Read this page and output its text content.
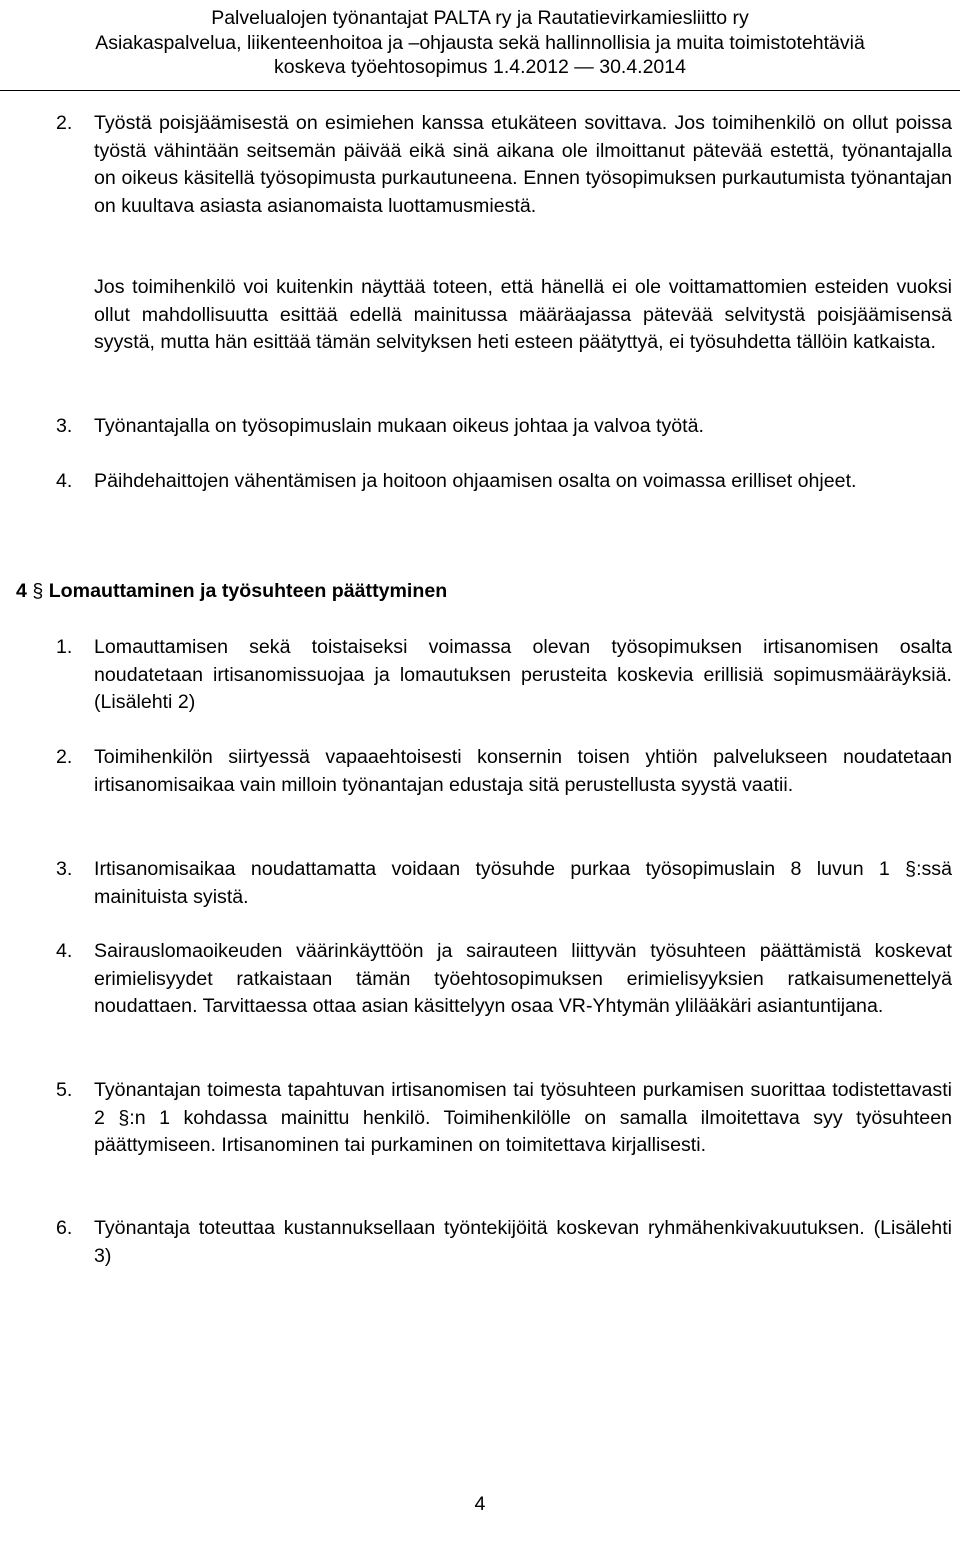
Palvelualojen työnantajat PALTA ry ja Rautatievirkamiesliitto ry
Asiakaspalvelua, liikenteenhoitoa ja –ohjausta sekä hallinnollisia ja muita toimistotehtäviä
koskeva työehtosopimus 1.4.2012 — 30.4.2014
2. Työstä poisjäämisestä on esimiehen kanssa etukäteen sovittava. Jos toimihenkilö on ollut poissa työstä vähintään seitsemän päivää eikä sinä aikana ole ilmoittanut pätevää estettä, työnantajalla on oikeus käsitellä työsopimusta purkautuneena. Ennen työsopimuksen purkautumista työnantajan on kuultava asiasta asianomaista luottamusmiestä.
Jos toimihenkilö voi kuitenkin näyttää toteen, että hänellä ei ole voittamattomien esteiden vuoksi ollut mahdollisuutta esittää edellä mainitussa määräajassa pätevää selvitystä poisjäämisensä syystä, mutta hän esittää tämän selvityksen heti esteen päätyttyä, ei työsuhdetta tällöin katkaista.
3. Työnantajalla on työsopimuslain mukaan oikeus johtaa ja valvoa työtä.
4. Päihdehaittojen vähentämisen ja hoitoon ohjaamisen osalta on voimassa erilliset ohjeet.
4 § Lomauttaminen ja työsuhteen päättyminen
1. Lomauttamisen sekä toistaiseksi voimassa olevan työsopimuksen irtisanomisen osalta noudatetaan irtisanomissuojaa ja lomautuksen perusteita koskevia erillisiä sopimusmääräyksiä. (Lisälehti 2)
2. Toimihenkilön siirtyessä vapaaehtoisesti konsernin toisen yhtiön palvelukseen noudatetaan irtisanomisaikaa vain milloin työnantajan edustaja sitä perustellusta syystä vaatii.
3. Irtisanomisaikaa noudattamatta voidaan työsuhde purkaa työsopimuslain 8 luvun 1 §:ssä mainituista syistä.
4. Sairauslomaoikeuden väärinkäyttöön ja sairauteen liittyvän työsuhteen päättämistä koskevat erimielisyydet ratkaistaan tämän työehtosopimuksen erimielisyyksien ratkaisumenettelyä noudattaen. Tarvittaessa ottaa asian käsittelyyn osaa VR-Yhtymän ylilääkäri asiantuntijana.
5. Työnantajan toimesta tapahtuvan irtisanomisen tai työsuhteen purkamisen suorittaa todistettavasti 2 §:n 1 kohdassa mainittu henkilö. Toimihenkilölle on samalla ilmoitettava syy työsuhteen päättymiseen. Irtisanominen tai purkaminen on toimitettava kirjallisesti.
6. Työnantaja toteuttaa kustannuksellaan työntekijöitä koskevan ryhmähenkivakuutuksen. (Lisälehti 3)
4
